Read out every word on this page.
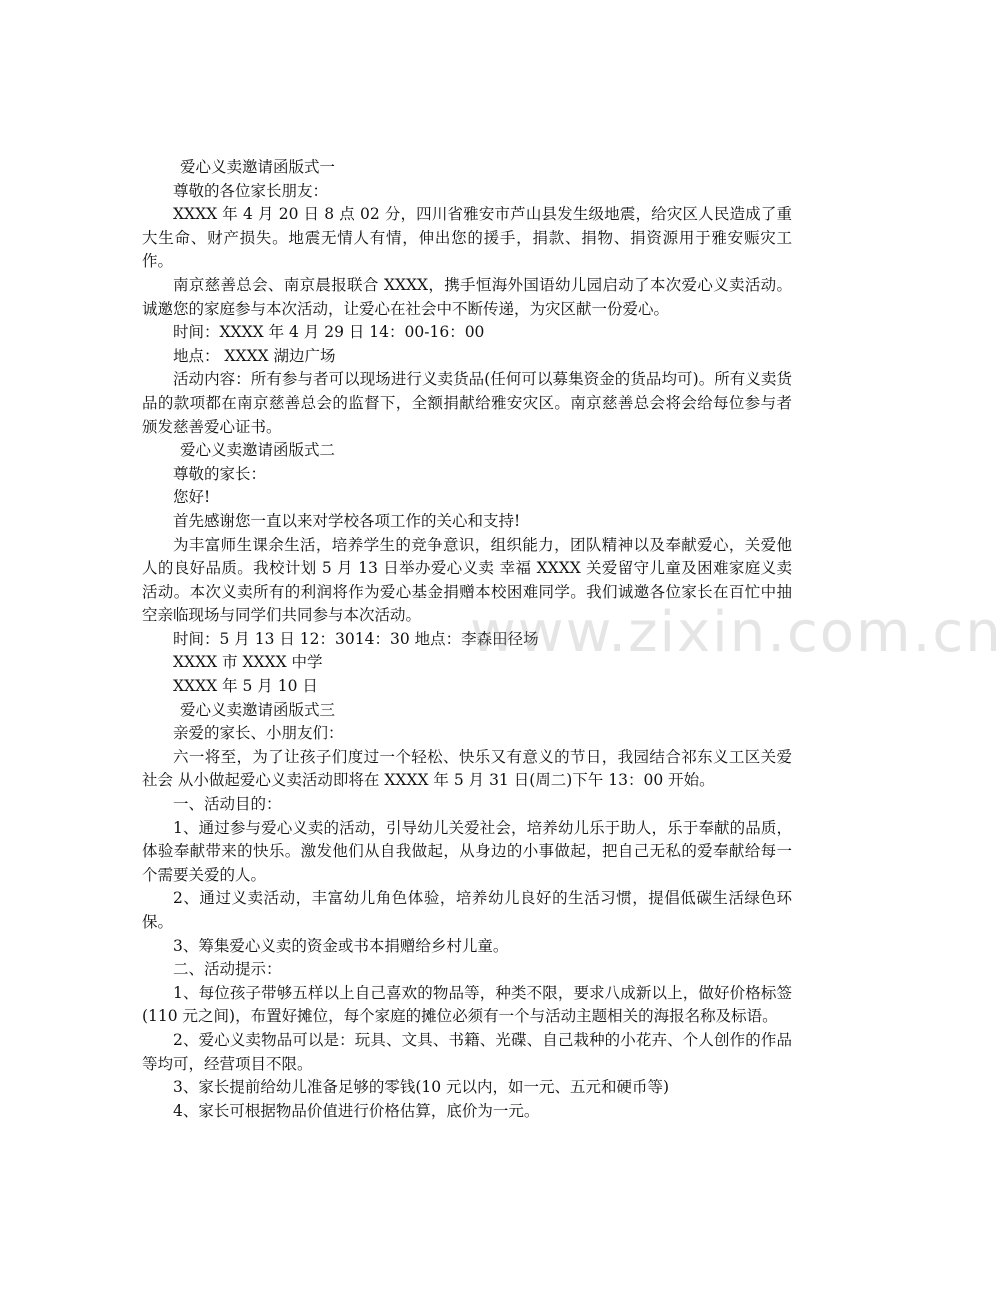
爱心义卖邀请函版式一

尊敬的各位家长朋友：

XXXX 年 4 月 20 日 8 点 02 分，四川省雅安市芦山县发生级地震，给灾区人民造成了重大生命、财产损失。地震无情人有情，伸出您的援手，捐款、捐物、捐资源用于雅安赈灾工作。

南京慈善总会、南京晨报联合 XXXX，携手恒海外国语幼儿园启动了本次爱心义卖活动。诚邀您的家庭参与本次活动，让爱心在社会中不断传递，为灾区献一份爱心。

时间：XXXX 年 4 月 29 日 14：00-16：00

地点： XXXX 湖边广场

活动内容：所有参与者可以现场进行义卖货品(任何可以募集资金的货品均可)。所有义卖货品的款项都在南京慈善总会的监督下，全额捐献给雅安灾区。南京慈善总会将会给每位参与者颁发慈善爱心证书。

爱心义卖邀请函版式二

尊敬的家长：

您好!

首先感谢您一直以来对学校各项工作的关心和支持!

为丰富师生课余生活，培养学生的竞争意识，组织能力，团队精神以及奉献爱心，关爱他人的良好品质。我校计划 5 月 13 日举办爱心义卖 幸福 XXXX 关爱留守儿童及困难家庭义卖活动。本次义卖所有的利润将作为爱心基金捐赠本校困难同学。我们诚邀各位家长在百忙中抽空亲临现场与同学们共同参与本次活动。

时间：5 月 13 日 12：3014：30 地点：李森田径场

XXXX 市 XXXX 中学

XXXX 年 5 月 10 日

爱心义卖邀请函版式三

亲爱的家长、小朋友们：

六一将至，为了让孩子们度过一个轻松、快乐又有意义的节日，我园结合祁东义工区关爱社会 从小做起爱心义卖活动即将在 XXXX 年 5 月 31 日(周二)下午 13：00 开始。

一、活动目的：

1、通过参与爱心义卖的活动，引导幼儿关爱社会，培养幼儿乐于助人，乐于奉献的品质，体验奉献带来的快乐。激发他们从自我做起，从身边的小事做起，把自己无私的爱奉献给每一个需要关爱的人。

2、通过义卖活动，丰富幼儿角色体验，培养幼儿良好的生活习惯，提倡低碳生活绿色环保。

3、筹集爱心义卖的资金或书本捐赠给乡村儿童。

二、活动提示：

1、每位孩子带够五样以上自己喜欢的物品等，种类不限，要求八成新以上，做好价格标签(110 元之间)，布置好摊位，每个家庭的摊位必须有一个与活动主题相关的海报名称及标语。

2、爱心义卖物品可以是：玩具、文具、书籍、光碟、自己栽种的小花卉、个人创作的作品等均可，经营项目不限。

3、家长提前给幼儿准备足够的零钱(10 元以内，如一元、五元和硬币等)

4、家长可根据物品价值进行价格估算，底价为一元。

www.zixin.com.cn
